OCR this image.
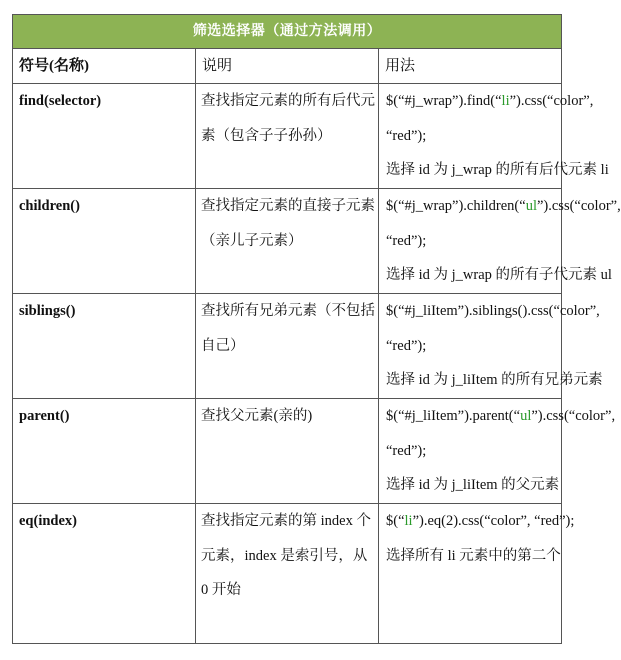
筛选选择器（通过方法调用）		
符号(名称)	说明	用法
find(selector)	查找指定元素的所有后代元素（包含子子孙孙）	$(“#j_wrap”).find(“li”).css(“color”,
“red”);
选择 id 为 j_wrap 的所有后代元素 li

children()	查找指定元素的直接子元素（亲儿子元素）	$(“#j_wrap”).children(“ul”).css(“color”,
“red”);
选择 id 为 j_wrap 的所有子代元素 ul

siblings()	查找所有兄弟元素（不包括自己）	$(“#j_liItem”).siblings().css(“color”,
“red”);
选择 id 为 j_liItem 的所有兄弟元素

parent()	查找父元素(亲的)	$(“#j_liItem”).parent(“ul”).css(“color”,
“red”);
选择 id 为 j_liItem 的父元素

eq(index)	查找指定元素的第 index 个元素，index 是索引号，从 0 开始	$(“li”).eq(2).css(“color”, “red”);
选择所有 li 元素中的第二个
